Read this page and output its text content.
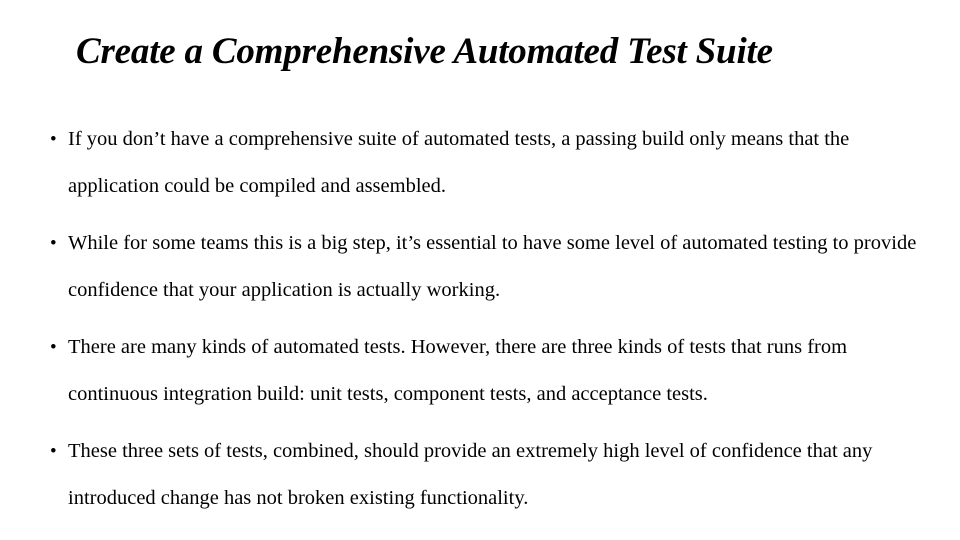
Create a Comprehensive Automated Test Suite
• If you don’t have a comprehensive suite of automated tests, a passing build only means that the application could be compiled and assembled.
• While for some teams this is a big step, it’s essential to have some level of automated testing to provide confidence that your application is actually working.
• There are many kinds of automated tests. However, there are three kinds of tests that runs from continuous integration build: unit tests, component tests, and acceptance tests.
• These three sets of tests, combined, should provide an extremely high level of confidence that any introduced change has not broken existing functionality.
